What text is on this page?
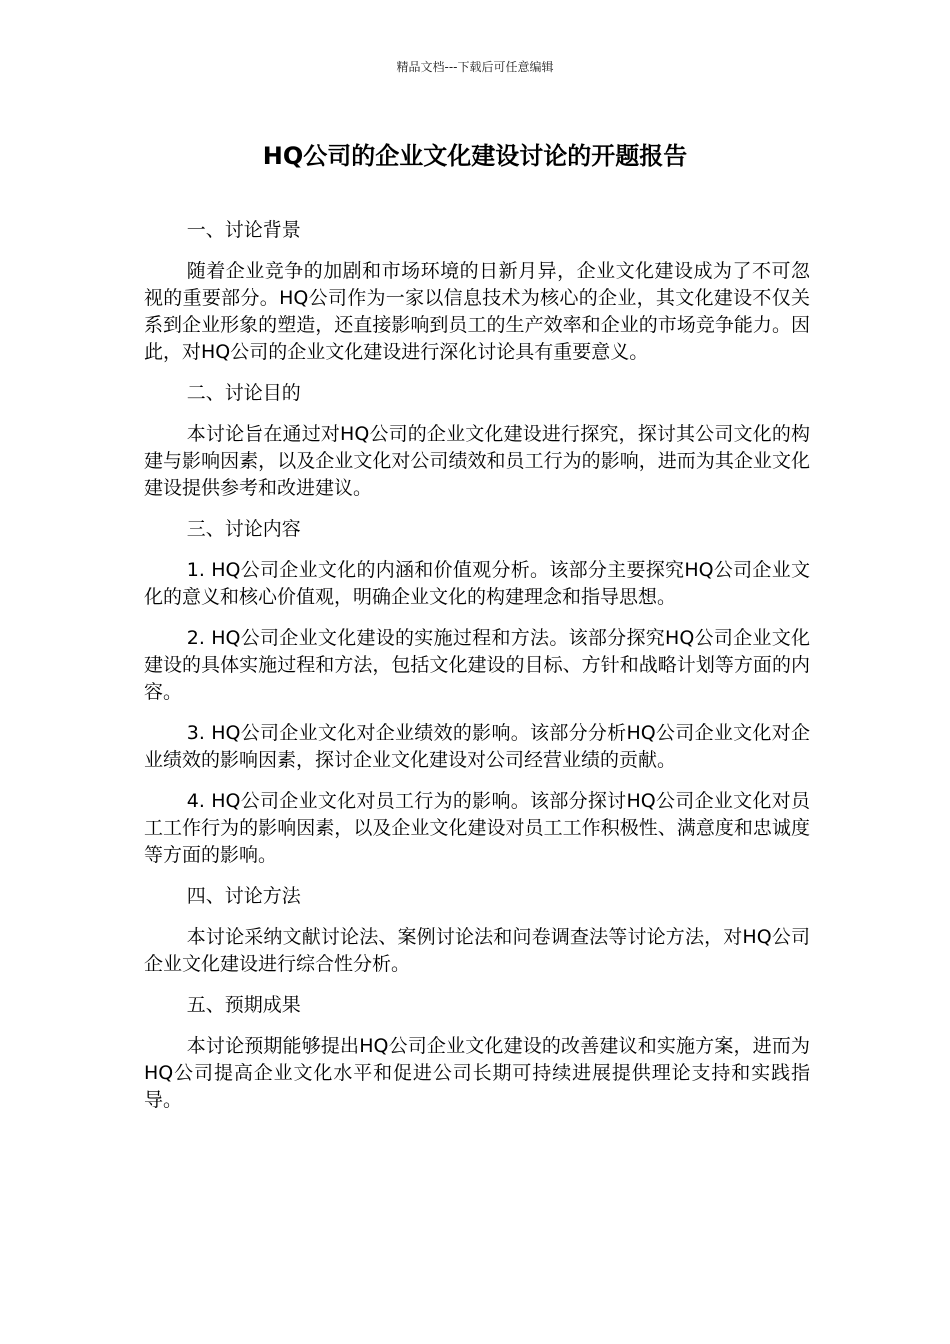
精品文档---下载后可任意编辑
HQ公司的企业文化建设讨论的开题报告

一、讨论背景

随着企业竞争的加剧和市场环境的日新月异，企业文化建设成为了不可忽视的重要部分。HQ公司作为一家以信息技术为核心的企业，其文化建设不仅关系到企业形象的塑造，还直接影响到员工的生产效率和企业的市场竞争能力。因此，对HQ公司的企业文化建设进行深化讨论具有重要意义。

二、讨论目的

本讨论旨在通过对HQ公司的企业文化建设进行探究，探讨其公司文化的构建与影响因素，以及企业文化对公司绩效和员工行为的影响，进而为其企业文化建设提供参考和改进建议。

三、讨论内容

1. HQ公司企业文化的内涵和价值观分析。该部分主要探究HQ公司企业文化的意义和核心价值观，明确企业文化的构建理念和指导思想。

2. HQ公司企业文化建设的实施过程和方法。该部分探究HQ公司企业文化建设的具体实施过程和方法，包括文化建设的目标、方针和战略计划等方面的内容。

3. HQ公司企业文化对企业绩效的影响。该部分分析HQ公司企业文化对企业绩效的影响因素，探讨企业文化建设对公司经营业绩的贡献。

4. HQ公司企业文化对员工行为的影响。该部分探讨HQ公司企业文化对员工工作行为的影响因素，以及企业文化建设对员工工作积极性、满意度和忠诚度等方面的影响。

四、讨论方法

本讨论采纳文献讨论法、案例讨论法和问卷调查法等讨论方法，对HQ公司企业文化建设进行综合性分析。

五、预期成果

本讨论预期能够提出HQ公司企业文化建设的改善建议和实施方案，进而为HQ公司提高企业文化水平和促进公司长期可持续进展提供理论支持和实践指导。
